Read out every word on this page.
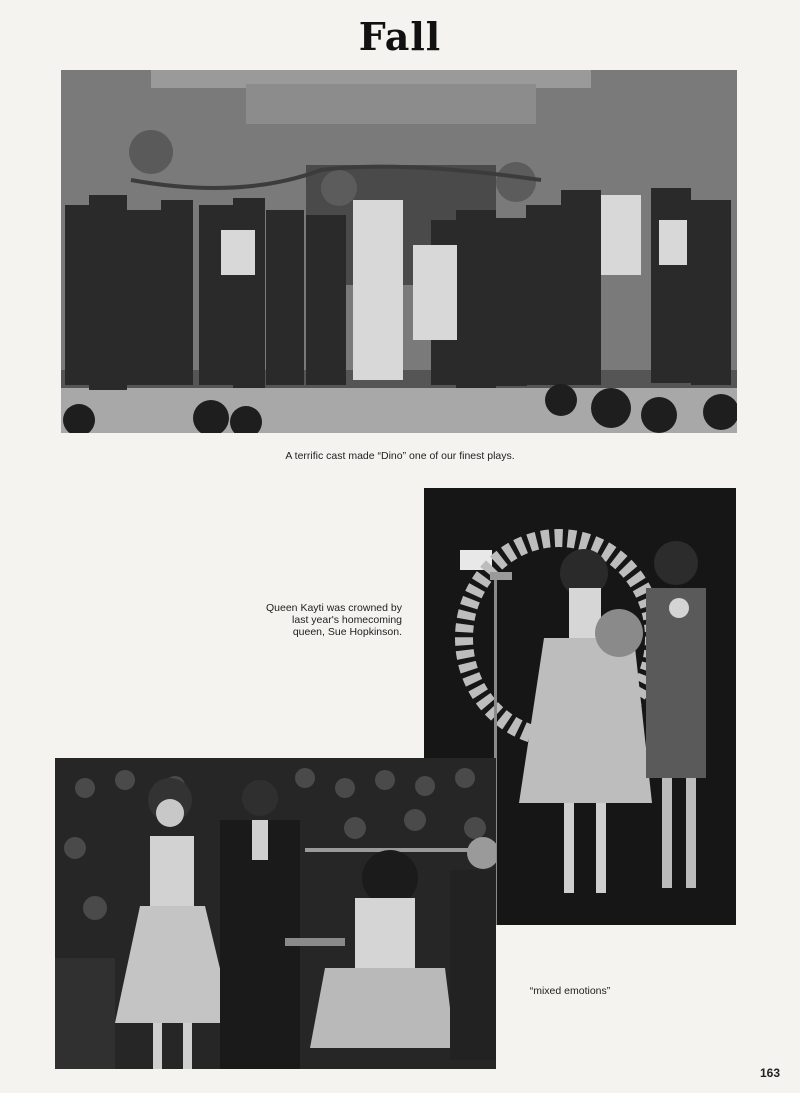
Fall
A terrific cast made “Dino” one of our finest plays.
Queen Kayti was crowned by last year's homecoming queen, Sue Hopkinson.
“mixed emotions”
163
